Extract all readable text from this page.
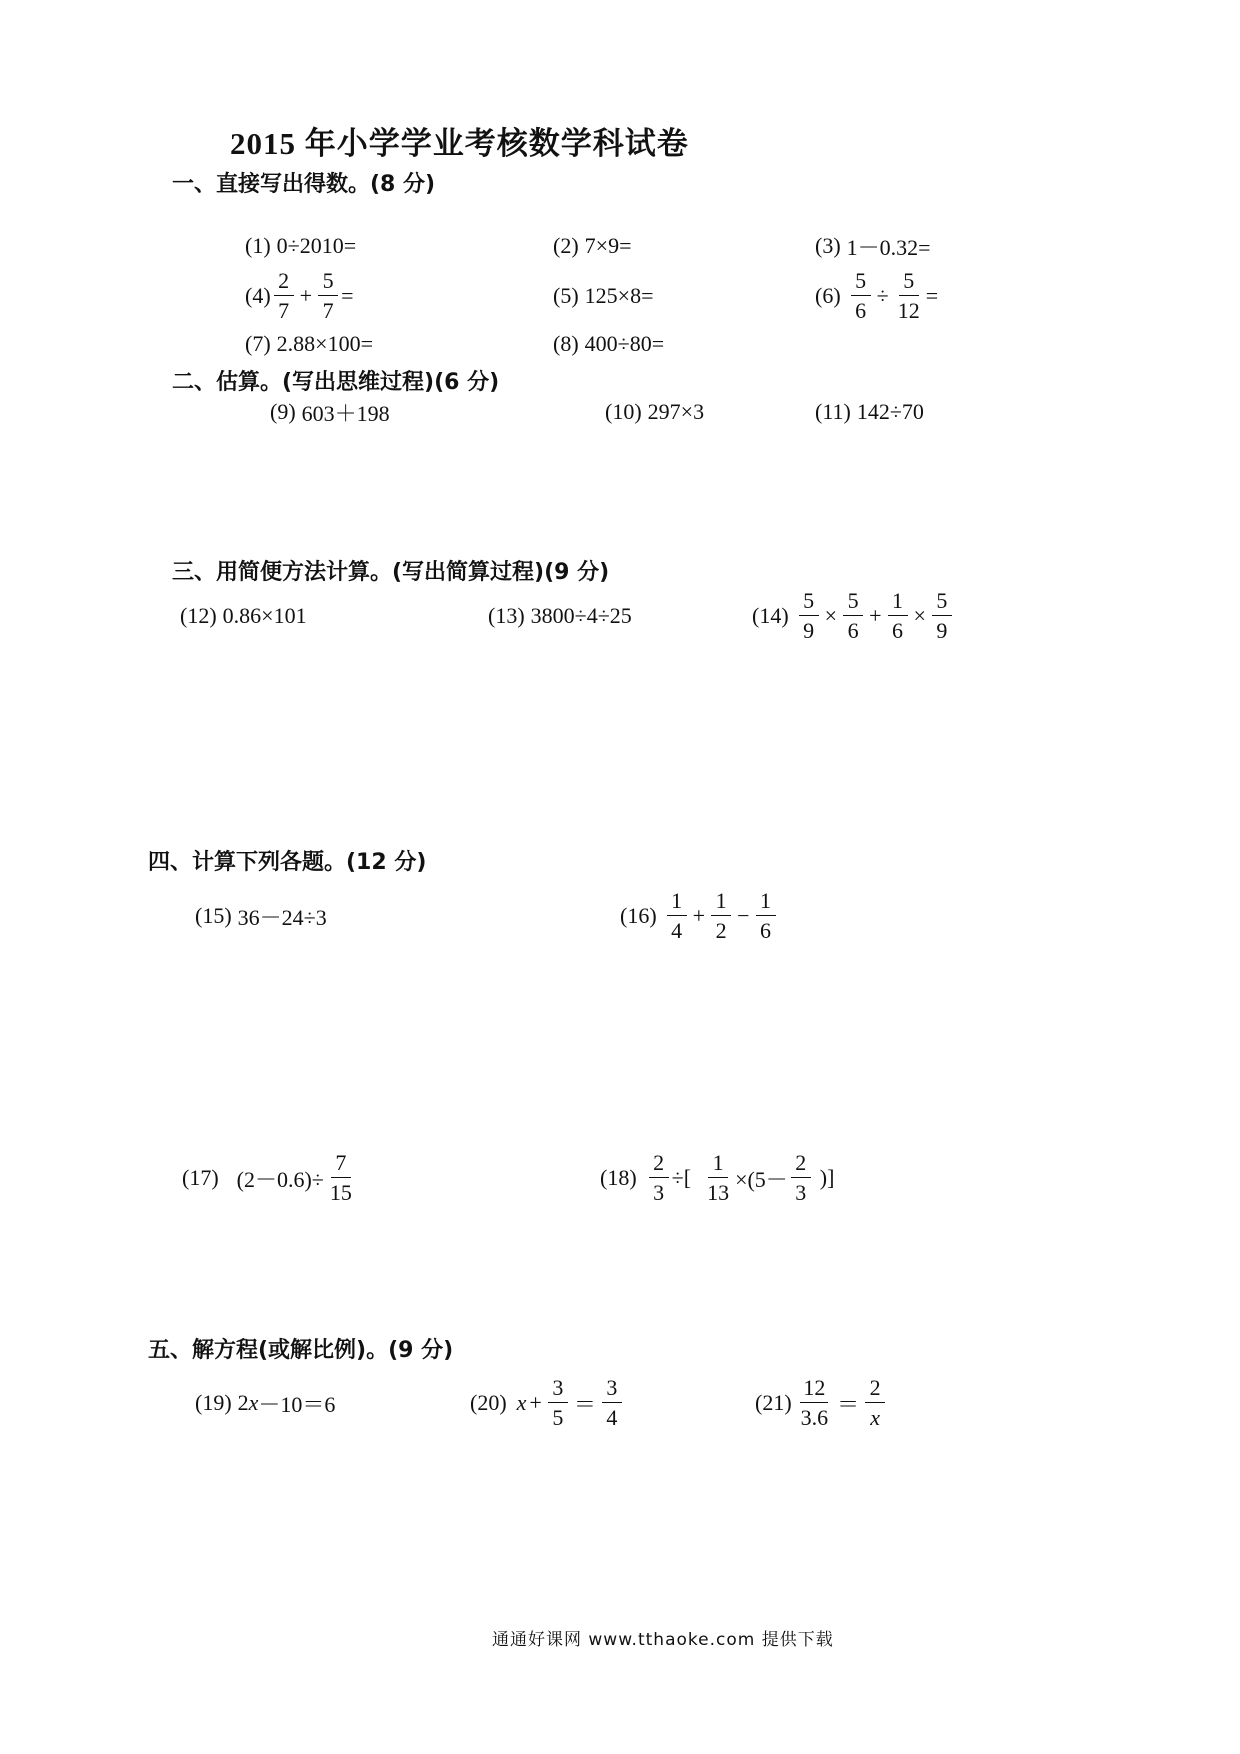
2015 年小学学业考核数学科试卷
一、直接写出得数。(8 分)
(1) 0÷2010=	(2) 7×9=	(3) 1－0.32=
$(4) \frac{2}{7} + \frac{5}{7}$ =	(5) 125×8=	$(6) \frac{5}{6} \div \frac{5}{12}$ =
(7) 2.88×100=	(8) 400÷80=
二、估算。(写出思维过程)(6 分)
(9) 603＋198	(10) 297×3	(11) 142÷70
三、用简便方法计算。(写出简算过程)(9 分)
(12) 0.86×101	(13) 3800÷4÷25	$(14) \frac{5}{9} \times \frac{5}{6} + \frac{1}{6} \times \frac{5}{9}$
四、计算下列各题。(12 分)
(15) 36－24÷3	$(16) \frac{1}{4} + \frac{1}{2} - \frac{1}{6}$
(17) $(2-0.6)\div \frac{7}{15}$	$(18) \frac{2}{3}$ ÷[ $\frac{1}{13} \times(5- \frac{2}{3}$ )]
五、解方程(或解比例)。(9 分)
(19) 2 x －10＝6	(20) $x + \frac{3}{5} = \frac{3}{4}$	$(21) \frac{12}{3.6} = \frac{2}{x}$
通通好课网 www.tthaoke.com 提供下载
